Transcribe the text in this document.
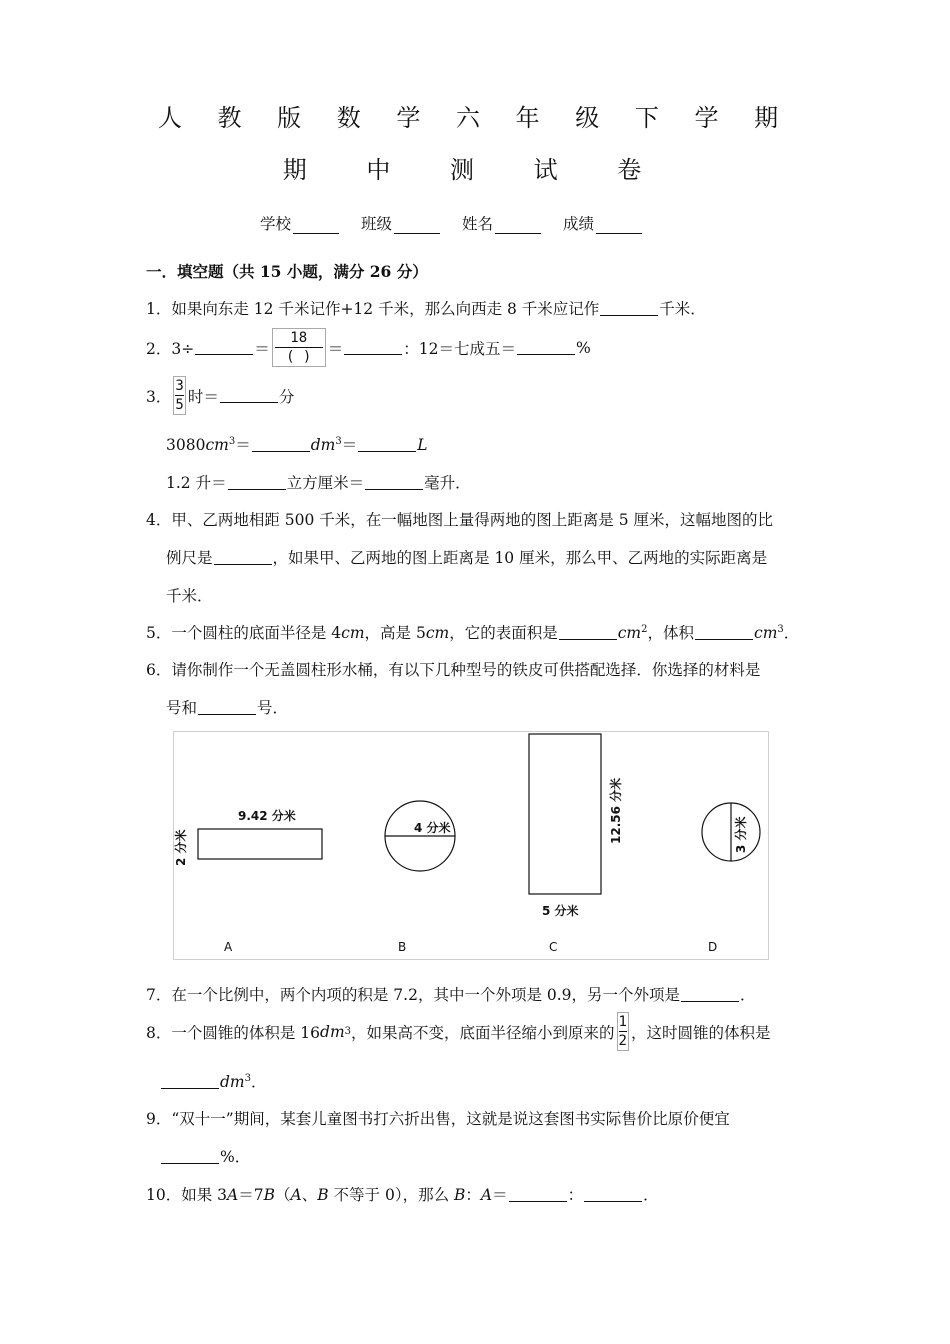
人 教 版 数 学 六 年 级 下 学 期
期 中 测 试 卷
学校	班级	姓名	成绩
一．填空题（共 15 小题，满分 26 分）
1．如果向东走 12 千米记作+12 千米，那么向西走 8 千米应记作	千米．
2．3÷	＝ $\frac{18}{( )}$ ＝	：12＝七成五＝	%
3． $\frac{3}{5}$ 时＝	分
$3080cm^3=$	$dm^3=$	L
1.2 升＝	立方厘米＝	毫升．
4．甲、乙两地相距 500 千米，在一幅地图上量得两地的图上距离是 5 厘米，这幅地图的比
例尺是	，如果甲、乙两地的图上距离是 10 厘米，那么甲、乙两地的实际距离是
千米．
5．一个圆柱的底面半径是 4cm，高是 5cm，它的表面积是	$cm^2$，体积	$cm^3$．
6．请你制作一个无盖圆柱形水桶，有以下几种型号的铁皮可供搭配选择．你选择的材料是
号和	号．
9.42 分米
2 分米
A
4 分米
B
12.56 分米
5 分米
C
3 分米
D
7．在一个比例中，两个内项的积是 7.2，其中一个外项是 0.9，另一个外项是	．
8．一个圆锥的体积是 16 dm 3 ，如果高不变，底面半径缩小到原来的 $\frac{1}{2}$ ，这时圆锥的体积是
$dm^3$．
9．“双十一”期间，某套儿童图书打六折出售，这就是说这套图书实际售价比原价便宜
%．
10．如果 3A＝7B（A、B 不等于 0），那么 B：A＝	：	．
